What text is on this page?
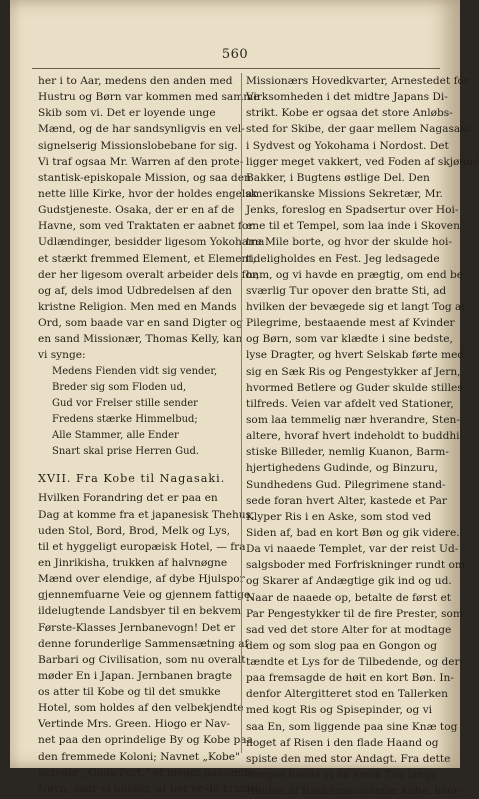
560
her i to Aar, medens den anden med
Hustru og Børn var kommen med samme
Skib som vi. Det er loyende unge
Mænd, og de har sandsynligvis en vel-
signelserig Missionslobebane for sig.
Vi traf ogsaa Mr. Warren af den prote-
stantisk-episkopale Mission, og saa den
nette lille Kirke, hvor der holdes engelsk
Gudstjeneste. Osaka, der er en af de
Havne, som ved Traktaten er aabnet for
Udlændinger, besidder ligesom Yokohama
et stærkt fremmed Element, et Element,
der her ligesom overalt arbeider dels for,
og af, dels imod Udbredelsen af den
kristne Religion. Men med en Mands
Ord, som baade var en sand Digter og
en sand Missionær, Thomas Kelly, kan
vi synge:
Medens Fienden vidt sig vender,
Breder sig som Floden ud,
Gud vor Frelser stille sender
Fredens stærke Himmelbud;
Alle Stammer, alle Ender
Snart skal prise Herren Gud.
XVII. Fra Kobe til Nagasaki.
Hvilken Forandring det er paa en
Dag at komme fra et japanesisk Thehus,
uden Stol, Bord, Brod, Melk og Lys,
til et hyggeligt europæisk Hotel, — fra
en Jinrikisha, trukken af halvnøgne
Mænd over elendige, af dybe Hjulspor
gjennemfuarne Veie og gjennem fattige,
ildelugtende Landsbyer til en bekvem
Første-Klasses Jernbanevogn! Det er
denne forunderlige Sammensætning af
Barbari og Civilisation, som nu overalt
møder En i Japan. Jernbanen bragte
os atter til Kobe og til det smukke
Hotel, som holdes af den velbekjendte
Vertinde Mrs. Green. Hiogo er Nav-
net paa den oprindelige By og Kobe paa
den fremmede Koloni; Navnet „Kobe"
betyder „Guds Port," et meget passende
Navn, naar vi husker, at her er de kristne
Missionærs Hovedkvarter, Arnestedet for
Virksomheden i det midtre Japans Di-
strikt. Kobe er ogsaa det store Anløbs-
sted for Skibe, der gaar mellem Nagasaki
i Sydvest og Yokohama i Nordost. Det
ligger meget vakkert, ved Foden af skjønne
Bakker, i Bugtens østlige Del. Den
amerikanske Missions Sekretær, Mr.
Jenks, foreslog en Spadsertur over Hoi-
ene til et Tempel, som laa inde i Skoven
tre Mile borte, og hvor der skulde hoi-
tideligholdes en Fest. Jeg ledsagede
ham, og vi havde en prægtig, om end be-
sværlig Tur opover den bratte Sti, ad
hvilken der bevægede sig et langt Tog af
Pilegrime, bestaaende mest af Kvinder
og Børn, som var klædte i sine bedste,
lyse Dragter, og hvert Selskab førte med
sig en Sæk Ris og Pengestykker af Jern,
hvormed Betlere og Guder skulde stilles
tilfreds. Veien var afdelt ved Stationer,
som laa temmelig nær hverandre, Sten-
altere, hvoraf hvert indeholdt to buddhi-
stiske Billeder, nemlig Kuanon, Barm-
hjertighedens Gudinde, og Binzuru,
Sundhedens Gud. Pilegrimene stand-
sede foran hvert Alter, kastede et Par
Klyper Ris i en Aske, som stod ved
Siden af, bad en kort Bøn og gik videre.
Da vi naaede Templet, var der reist Ud-
salgsboder med Forfriskninger rundt om,
og Skarer af Andægtige gik ind og ud.
Naar de naaede op, betalte de først et
Par Pengestykker til de fire Prester, som
sad ved det store Alter for at modtage
dem og som slog paa en Gongon og
tændte et Lys for de Tilbedende, og der-
paa fremsagde de høit en kort Bøn. In-
denfor Altergitteret stod en Tallerken
med kogt Ris og Spisepinder, og vi
saa En, som liggende paa sine Knæ tog
noget af Risen i den flade Haand og
spiste den med stor Andagt. Fra dette
Tempel havde vi en smuk Tur langs
Hoiden af Bakkerne ovenfor Kobe, hvor-
